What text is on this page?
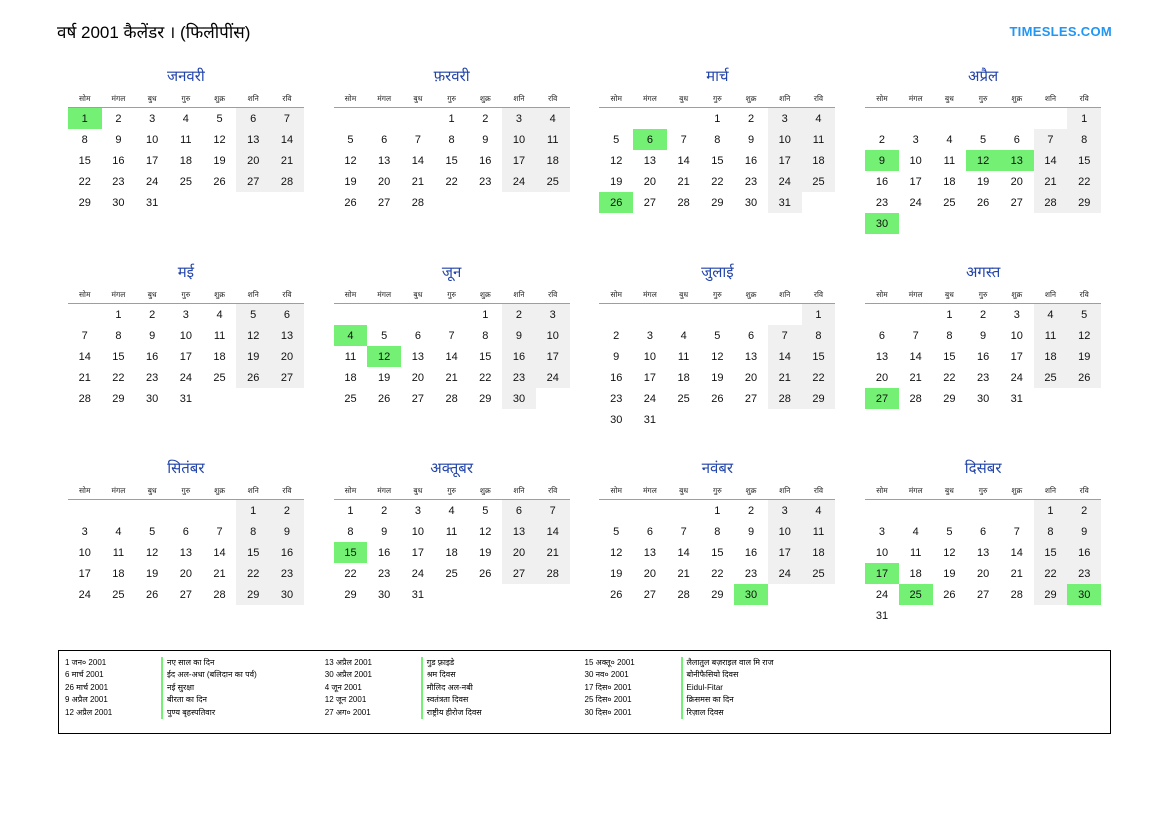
वर्ष 2001 कैलेंडर । (फिलीपींस)	TIMESLES.COM
जनवरी
सोम	मंगल	बुध	गुरु	शुक्र	शनि	रवि
1	2	3	4	5	6	7
8	9	10	11	12	13	14
15	16	17	18	19	20	21
22	23	24	25	26	27	28
29	30	31				
फ़रवरी
सोम	मंगल	बुध	गुरु	शुक्र	शनि	रवि
			1	2	3	4
5	6	7	8	9	10	11
12	13	14	15	16	17	18
19	20	21	22	23	24	25
26	27	28				
मार्च
सोम	मंगल	बुध	गुरु	शुक्र	शनि	रवि
			1	2	3	4
5	6	7	8	9	10	11
12	13	14	15	16	17	18
19	20	21	22	23	24	25
26	27	28	29	30	31	
अप्रैल
सोम	मंगल	बुध	गुरु	शुक्र	शनि	रवि
						1
2	3	4	5	6	7	8
9	10	11	12	13	14	15
16	17	18	19	20	21	22
23	24	25	26	27	28	29
30						
मई
सोम	मंगल	बुध	गुरु	शुक्र	शनि	रवि
	1	2	3	4	5	6
7	8	9	10	11	12	13
14	15	16	17	18	19	20
21	22	23	24	25	26	27
28	29	30	31			
जून
सोम	मंगल	बुध	गुरु	शुक्र	शनि	रवि
				1	2	3
4	5	6	7	8	9	10
11	12	13	14	15	16	17
18	19	20	21	22	23	24
25	26	27	28	29	30	
जुलाई
सोम	मंगल	बुध	गुरु	शुक्र	शनि	रवि
						1
2	3	4	5	6	7	8
9	10	11	12	13	14	15
16	17	18	19	20	21	22
23	24	25	26	27	28	29
30	31					
अगस्त
सोम	मंगल	बुध	गुरु	शुक्र	शनि	रवि
		1	2	3	4	5
6	7	8	9	10	11	12
13	14	15	16	17	18	19
20	21	22	23	24	25	26
27	28	29	30	31		
सितंबर
सोम	मंगल	बुध	गुरु	शुक्र	शनि	रवि
					1	2
3	4	5	6	7	8	9
10	11	12	13	14	15	16
17	18	19	20	21	22	23
24	25	26	27	28	29	30
अक्तूबर
सोम	मंगल	बुध	गुरु	शुक्र	शनि	रवि
1	2	3	4	5	6	7
8	9	10	11	12	13	14
15	16	17	18	19	20	21
22	23	24	25	26	27	28
29	30	31				
नवंबर
सोम	मंगल	बुध	गुरु	शुक्र	शनि	रवि
			1	2	3	4
5	6	7	8	9	10	11
12	13	14	15	16	17	18
19	20	21	22	23	24	25
26	27	28	29	30		
दिसंबर
सोम	मंगल	बुध	गुरु	शुक्र	शनि	रवि
					1	2
3	4	5	6	7	8	9
10	11	12	13	14	15	16
17	18	19	20	21	22	23
24	25	26	27	28	29	30
31						
1 जन० 2001	नए साल का दिन
6 मार्च 2001	ईद अल-अधा (बलिदान का पर्व)
26 मार्च 2001	नई सुरक्षा
9 अप्रैल 2001	बीरता का दिन
12 अप्रैल 2001	पुण्य बृहस्पतिवार
13 अप्रैल 2001	गुड फ़्राइडे
30 अप्रैल 2001	श्रम दिवस
4 जून 2001	मौलिद अल-नबी
12 जून 2001	स्वतंत्रता दिवस
27 अग० 2001	राष्ट्रीय हीरोज दिवस
15 अक्तू० 2001	लैलातुल बज़राइल वाल मि राज
30 नव० 2001	बोनीफैसियो दिवस
17 दिस० 2001	Eidul-Fitar
25 दिस० 2001	क्रिसमस का दिन
30 दिस० 2001	रिज़ाल दिवस
